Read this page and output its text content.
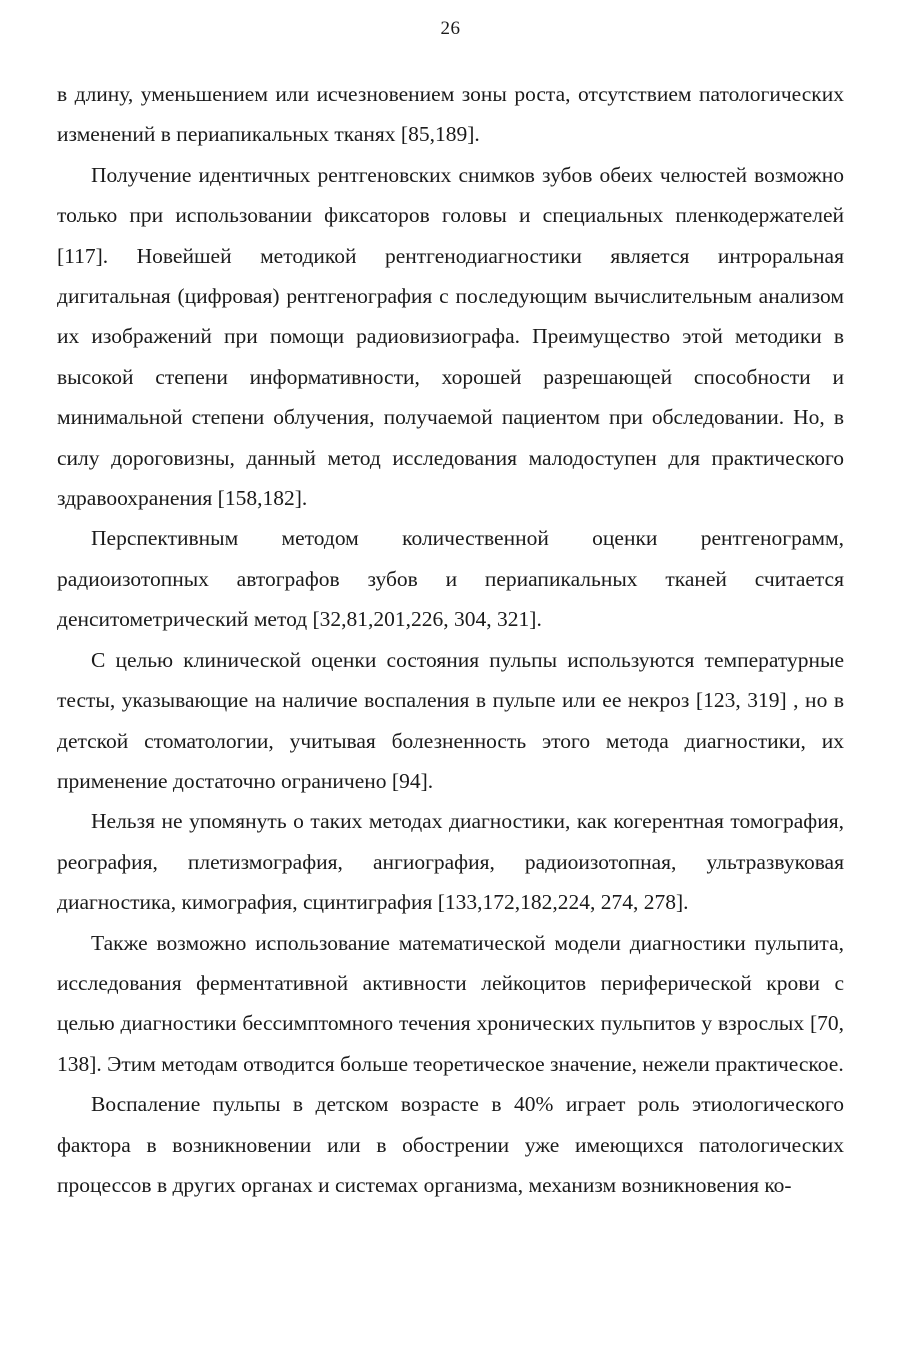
26

в длину, уменьшением или исчезновением зоны роста, отсутствием патологических изменений в периапикальных тканях [85,189].

Получение идентичных рентгеновских снимков зубов обеих челюстей возможно только при использовании фиксаторов головы и специальных пленкодержателей [117]. Новейшей методикой рентгенодиагностики является интроральная дигитальная (цифровая) рентгенография с последующим вычислительным анализом их изображений при помощи радиовизиографа. Преимущество этой методики в высокой степени информативности, хорошей разрешающей способности и минимальной степени облучения, получаемой пациентом при обследовании. Но, в силу дороговизны, данный метод исследования малодоступен для практического здравоохранения [158,182].

Перспективным методом количественной оценки рентгенограмм, радиоизотопных автографов зубов и периапикальных тканей считается денситометрический метод [32,81,201,226, 304, 321].

С целью клинической оценки состояния пульпы используются температурные тесты, указывающие на наличие воспаления в пульпе или ее некроз [123, 319] , но в детской стоматологии, учитывая болезненность этого метода диагностики, их применение достаточно ограничено [94].

Нельзя не упомянуть о таких методах диагностики, как когерентная томография, реография, плетизмография, ангиография, радиоизотопная, ультразвуковая диагностика, кимография, сцинтиграфия [133,172,182,224, 274, 278].

Также возможно использование математической модели диагностики пульпита, исследования ферментативной активности лейкоцитов периферической крови с целью диагностики бессимптомного течения хронических пульпитов у взрослых [70, 138]. Этим методам отводится больше теоретическое значение, нежели практическое.

Воспаление пульпы в детском возрасте в 40% играет роль этиологического фактора в возникновении или в обострении уже имеющихся патологических процессов в других органах и системах организма, механизм возникновения ко-
